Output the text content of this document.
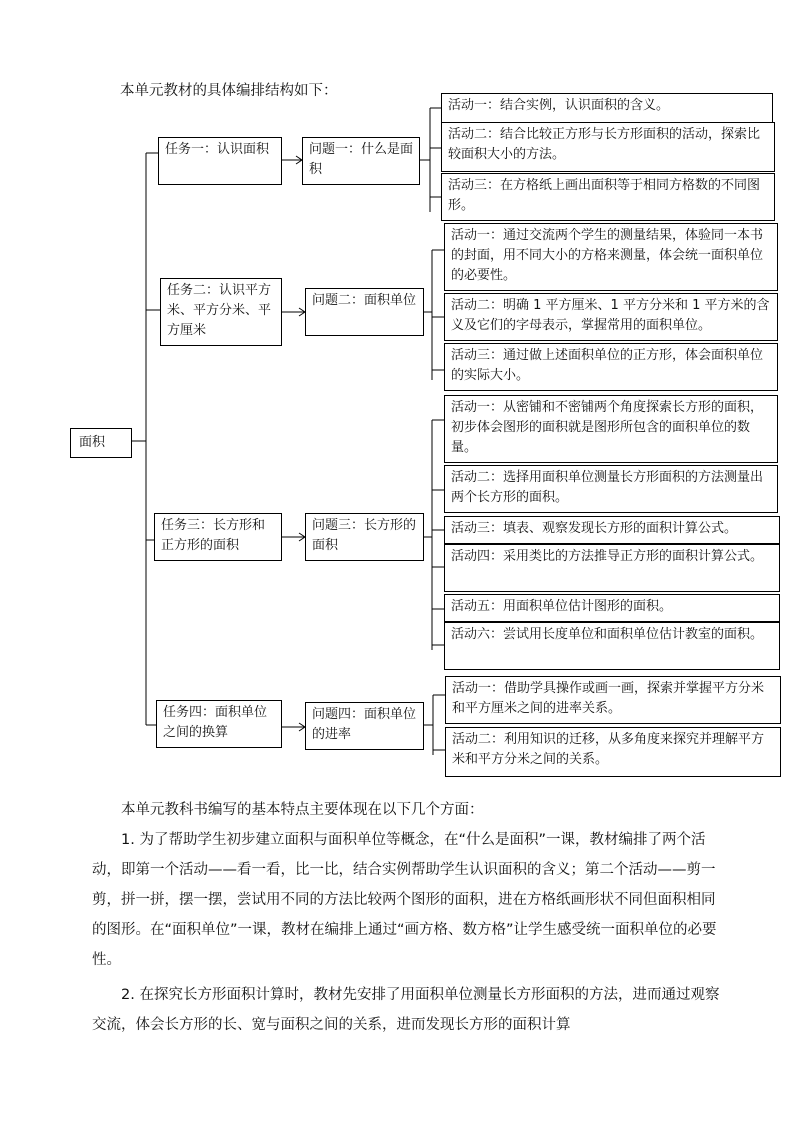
本单元教材的具体编排结构如下：
面积
任务一：认识面积	问题一：什么是面积
活动一：结合实例，认识面积的含义。
活动二：结合比较正方形与长方形面积的活动，探索比较面积大小的方法。
活动三：在方格纸上画出面积等于相同方格数的不同图形。
任务二：认识平方米、平方分米、平方厘米
问题二：面积单位
活动一：通过交流两个学生的测量结果，体验同一本书的封面，用不同大小的方格来测量，体会统一面积单位的必要性。
活动二：明确 1 平方厘米、1 平方分米和 1 平方米的含义及它们的字母表示，掌握常用的面积单位。
活动三：通过做上述面积单位的正方形，体会面积单位的实际大小。
任务三：长方形和正方形的面积
问题三：长方形的面积
活动一：从密铺和不密铺两个角度探索长方形的面积，初步体会图形的面积就是图形所包含的面积单位的数量。
活动二：选择用面积单位测量长方形面积的方法测量出两个长方形的面积。
活动三：填表、观察发现长方形的面积计算公式。
活动四：采用类比的方法推导正方形的面积计算公式。
活动五：用面积单位估计图形的面积。
活动六：尝试用长度单位和面积单位估计教室的面积。
任务四：面积单位之间的换算
问题四：面积单位的进率
活动一：借助学具操作或画一画，探索并掌握平方分米和平方厘米之间的进率关系。
活动二：利用知识的迁移，从多角度来探究并理解平方米和平方分米之间的关系。
本单元教科书编写的基本特点主要体现在以下几个方面：
1. 为了帮助学生初步建立面积与面积单位等概念，在“什么是面积”一课，教材编排了两个活动，即第一个活动——看一看，比一比，结合实例帮助学生认识面积的含义；第二个活动——剪一剪，拼一拼，摆一摆，尝试用不同的方法比较两个图形的面积，进在方格纸画形状不同但面积相同的图形。在“面积单位”一课，教材在编排上通过“画方格、数方格”让学生感受统一面积单位的必要性。
2. 在探究长方形面积计算时，教材先安排了用面积单位测量长方形面积的方法，进而通过观察交流，体会长方形的长、宽与面积之间的关系，进而发现长方形的面积计算
